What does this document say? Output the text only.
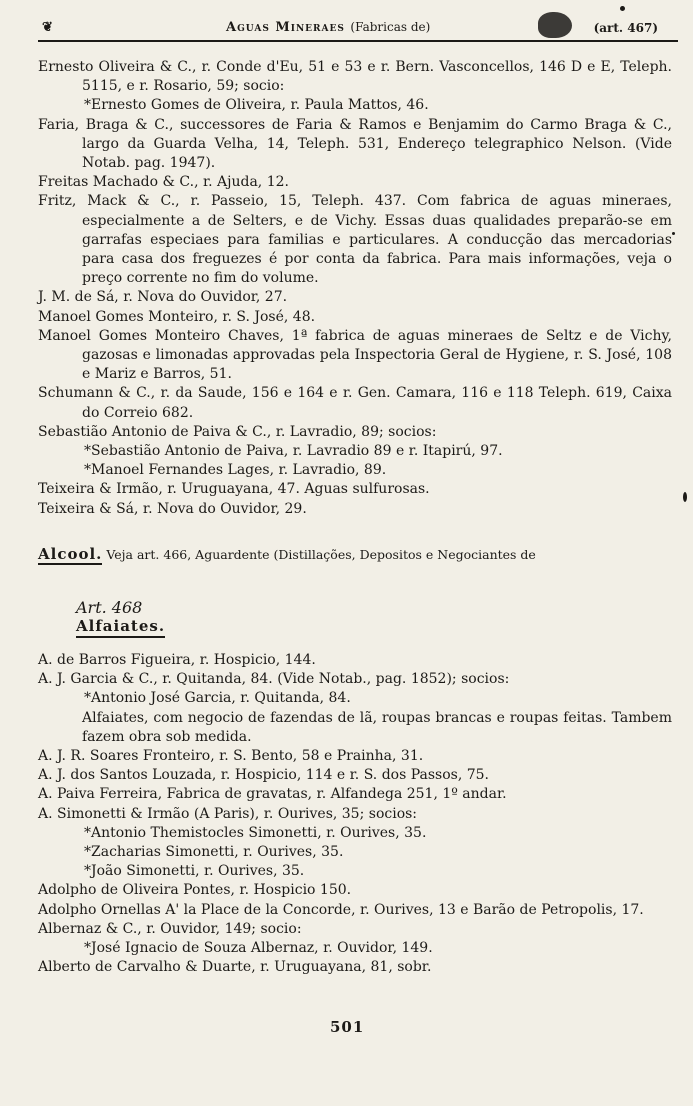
❦	Aguas Mineraes (Fabricas de)	(art. 467)

Ernesto Oliveira & C., r. Conde d'Eu, 51 e 53 e r. Bern. Vasconcellos, 146 D e E, Teleph. 5115, e r. Rosario, 59; socio:

*Ernesto Gomes de Oliveira, r. Paula Mattos, 46.

Faria, Braga & C., successores de Faria & Ramos e Benjamim do Carmo Braga & C., largo da Guarda Velha, 14, Teleph. 531, Endereço telegraphico Nelson. (Vide Notab. pag. 1947).

Freitas Machado & C., r. Ajuda, 12.

Fritz, Mack & C., r. Passeio, 15, Teleph. 437. Com fabrica de aguas mineraes, especialmente a de Selters, e de Vichy. Essas duas qualidades preparão-se em garrafas especiaes para familias e particulares. A conducção das mercadorias para casa dos freguezes é por conta da fabrica. Para mais informações, veja o preço corrente no fim do volume.

J. M. de Sá, r. Nova do Ouvidor, 27.

Manoel Gomes Monteiro, r. S. José, 48.

Manoel Gomes Monteiro Chaves, 1ª fabrica de aguas mineraes de Seltz e de Vichy, gazosas e limonadas approvadas pela Inspectoria Geral de Hygiene, r. S. José, 108 e Mariz e Barros, 51.

Schumann & C., r. da Saude, 156 e 164 e r. Gen. Camara, 116 e 118 Teleph. 619, Caixa do Correio 682.

Sebastião Antonio de Paiva & C., r. Lavradio, 89; socios:

*Sebastião Antonio de Paiva, r. Lavradio 89 e r. Itapirú, 97.

*Manoel Fernandes Lages, r. Lavradio, 89.

Teixeira & Irmão, r. Uruguayana, 47. Aguas sulfurosas.

Teixeira & Sá, r. Nova do Ouvidor, 29.

Alcool. Veja art. 466, Aguardente (Distillações, Depositos e Negociantes de
Art. 468
Alfaiates.

A. de Barros Figueira, r. Hospicio, 144.

A. J. Garcia & C., r. Quitanda, 84. (Vide Notab., pag. 1852); socios:

*Antonio José Garcia, r. Quitanda, 84.

Alfaiates, com negocio de fazendas de lã, roupas brancas e roupas feitas. Tambem fazem obra sob medida.

A. J. R. Soares Fronteiro, r. S. Bento, 58 e Prainha, 31.

A. J. dos Santos Louzada, r. Hospicio, 114 e r. S. dos Passos, 75.

A. Paiva Ferreira, Fabrica de gravatas, r. Alfandega 251, 1º andar.

A. Simonetti & Irmão (A Paris), r. Ourives, 35; socios:

*Antonio Themistocles Simonetti, r. Ourives, 35.

*Zacharias Simonetti, r. Ourives, 35.

*João Simonetti, r. Ourives, 35.

Adolpho de Oliveira Pontes, r. Hospicio 150.

Adolpho Ornellas A' la Place de la Concorde, r. Ourives, 13 e Barão de Petropolis, 17.

Albernaz & C., r. Ouvidor, 149; socio:

*José Ignacio de Souza Albernaz, r. Ouvidor, 149.

Alberto de Carvalho & Duarte, r. Uruguayana, 81, sobr.

501
